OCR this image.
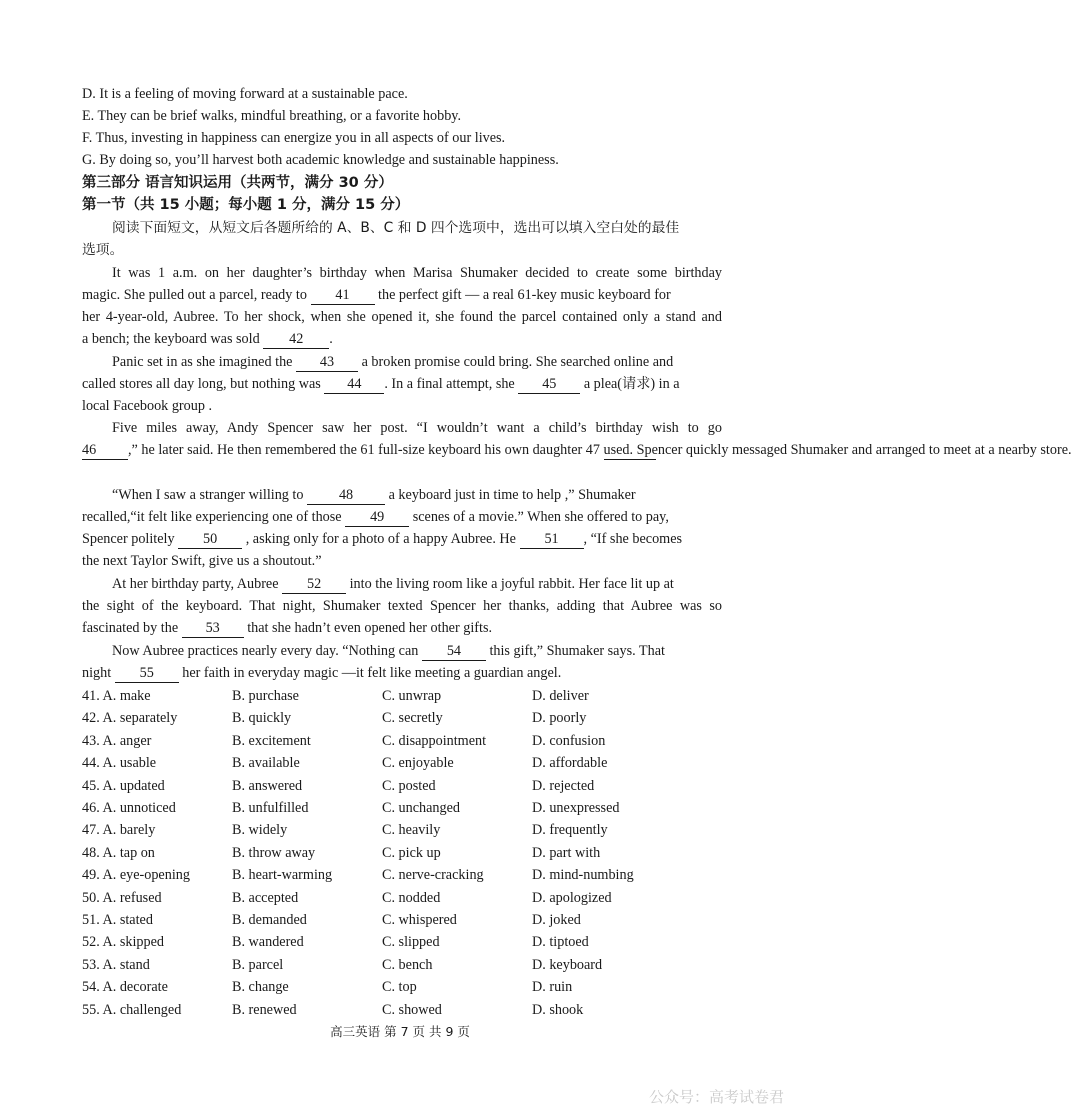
D. It is a feeling of moving forward at a sustainable pace.
E. They can be brief walks, mindful breathing, or a favorite hobby.
F. Thus, investing in happiness can energize you in all aspects of our lives.
G. By doing so, you’ll harvest both academic knowledge and sustainable happiness.
第三部分 语言知识运用（共两节，满分 30 分）
第一节（共 15 小题；每小题 1 分，满分 15 分）
阅读下面短文，从短文后各题所给的 A、B、C 和 D 四个选项中，选出可以填入空白处的最佳
选项。
It was 1 a.m. on her daughter’s birthday when Marisa Shumaker decided to create some birthday
magic. She pulled out a parcel, ready to 41 the perfect gift — a real 61-key music keyboard for
her 4-year-old, Aubree. To her shock, when she opened it, she found the parcel contained only a stand and
a bench; the keyboard was sold 42 .
Panic set in as she imagined the 43 a broken promise could bring. She searched online and
called stores all day long, but nothing was 44 . In a final attempt, she 45 a plea(请求) in a
local Facebook group .
Five miles away, Andy Spencer saw her post. “I wouldn’t want a child’s birthday wish to go
46 ,” he later said. He then remembered the 61 full-size keyboard his own daughter 47 used. Spencer quickly messaged Shumaker and arranged to meet at a nearby store.
“When I saw a stranger willing to 48 a keyboard just in time to help ,” Shumaker
recalled,“it felt like experiencing one of those 49 scenes of a movie.” When she offered to pay,
Spencer politely 50 , asking only for a photo of a happy Aubree. He 51 , “If she becomes
the next Taylor Swift, give us a shoutout.”
At her birthday party, Aubree 52 into the living room like a joyful rabbit. Her face lit up at
the sight of the keyboard. That night, Shumaker texted Spencer her thanks, adding that Aubree was so
fascinated by the 53 that she hadn’t even opened her other gifts.
Now Aubree practices nearly every day. “Nothing can 54 this gift,” Shumaker says. That
night 55 her faith in everyday magic —it felt like meeting a guardian angel.
41. A. make	B. purchase	C. unwrap	D. deliver
42. A. separately	B. quickly	C. secretly	D. poorly
43. A. anger	B. excitement	C. disappointment	D. confusion
44. A. usable	B. available	C. enjoyable	D. affordable
45. A. updated	B. answered	C. posted	D. rejected
46. A. unnoticed	B. unfulfilled	C. unchanged	D. unexpressed
47. A. barely	B. widely	C. heavily	D. frequently
48. A. tap on	B. throw away	C. pick up	D. part with
49. A. eye-opening	B. heart-warming	C. nerve-cracking	D. mind-numbing
50. A. refused	B. accepted	C. nodded	D. apologized
51. A. stated	B. demanded	C. whispered	D. joked
52. A. skipped	B. wandered	C. slipped	D. tiptoed
53. A. stand	B. parcel	C. bench	D. keyboard
54. A. decorate	B. change	C. top	D. ruin
55. A. challenged	B. renewed	C. showed	D. shook
高三英语 第 7 页 共 9 页
公众号：高考试卷君
